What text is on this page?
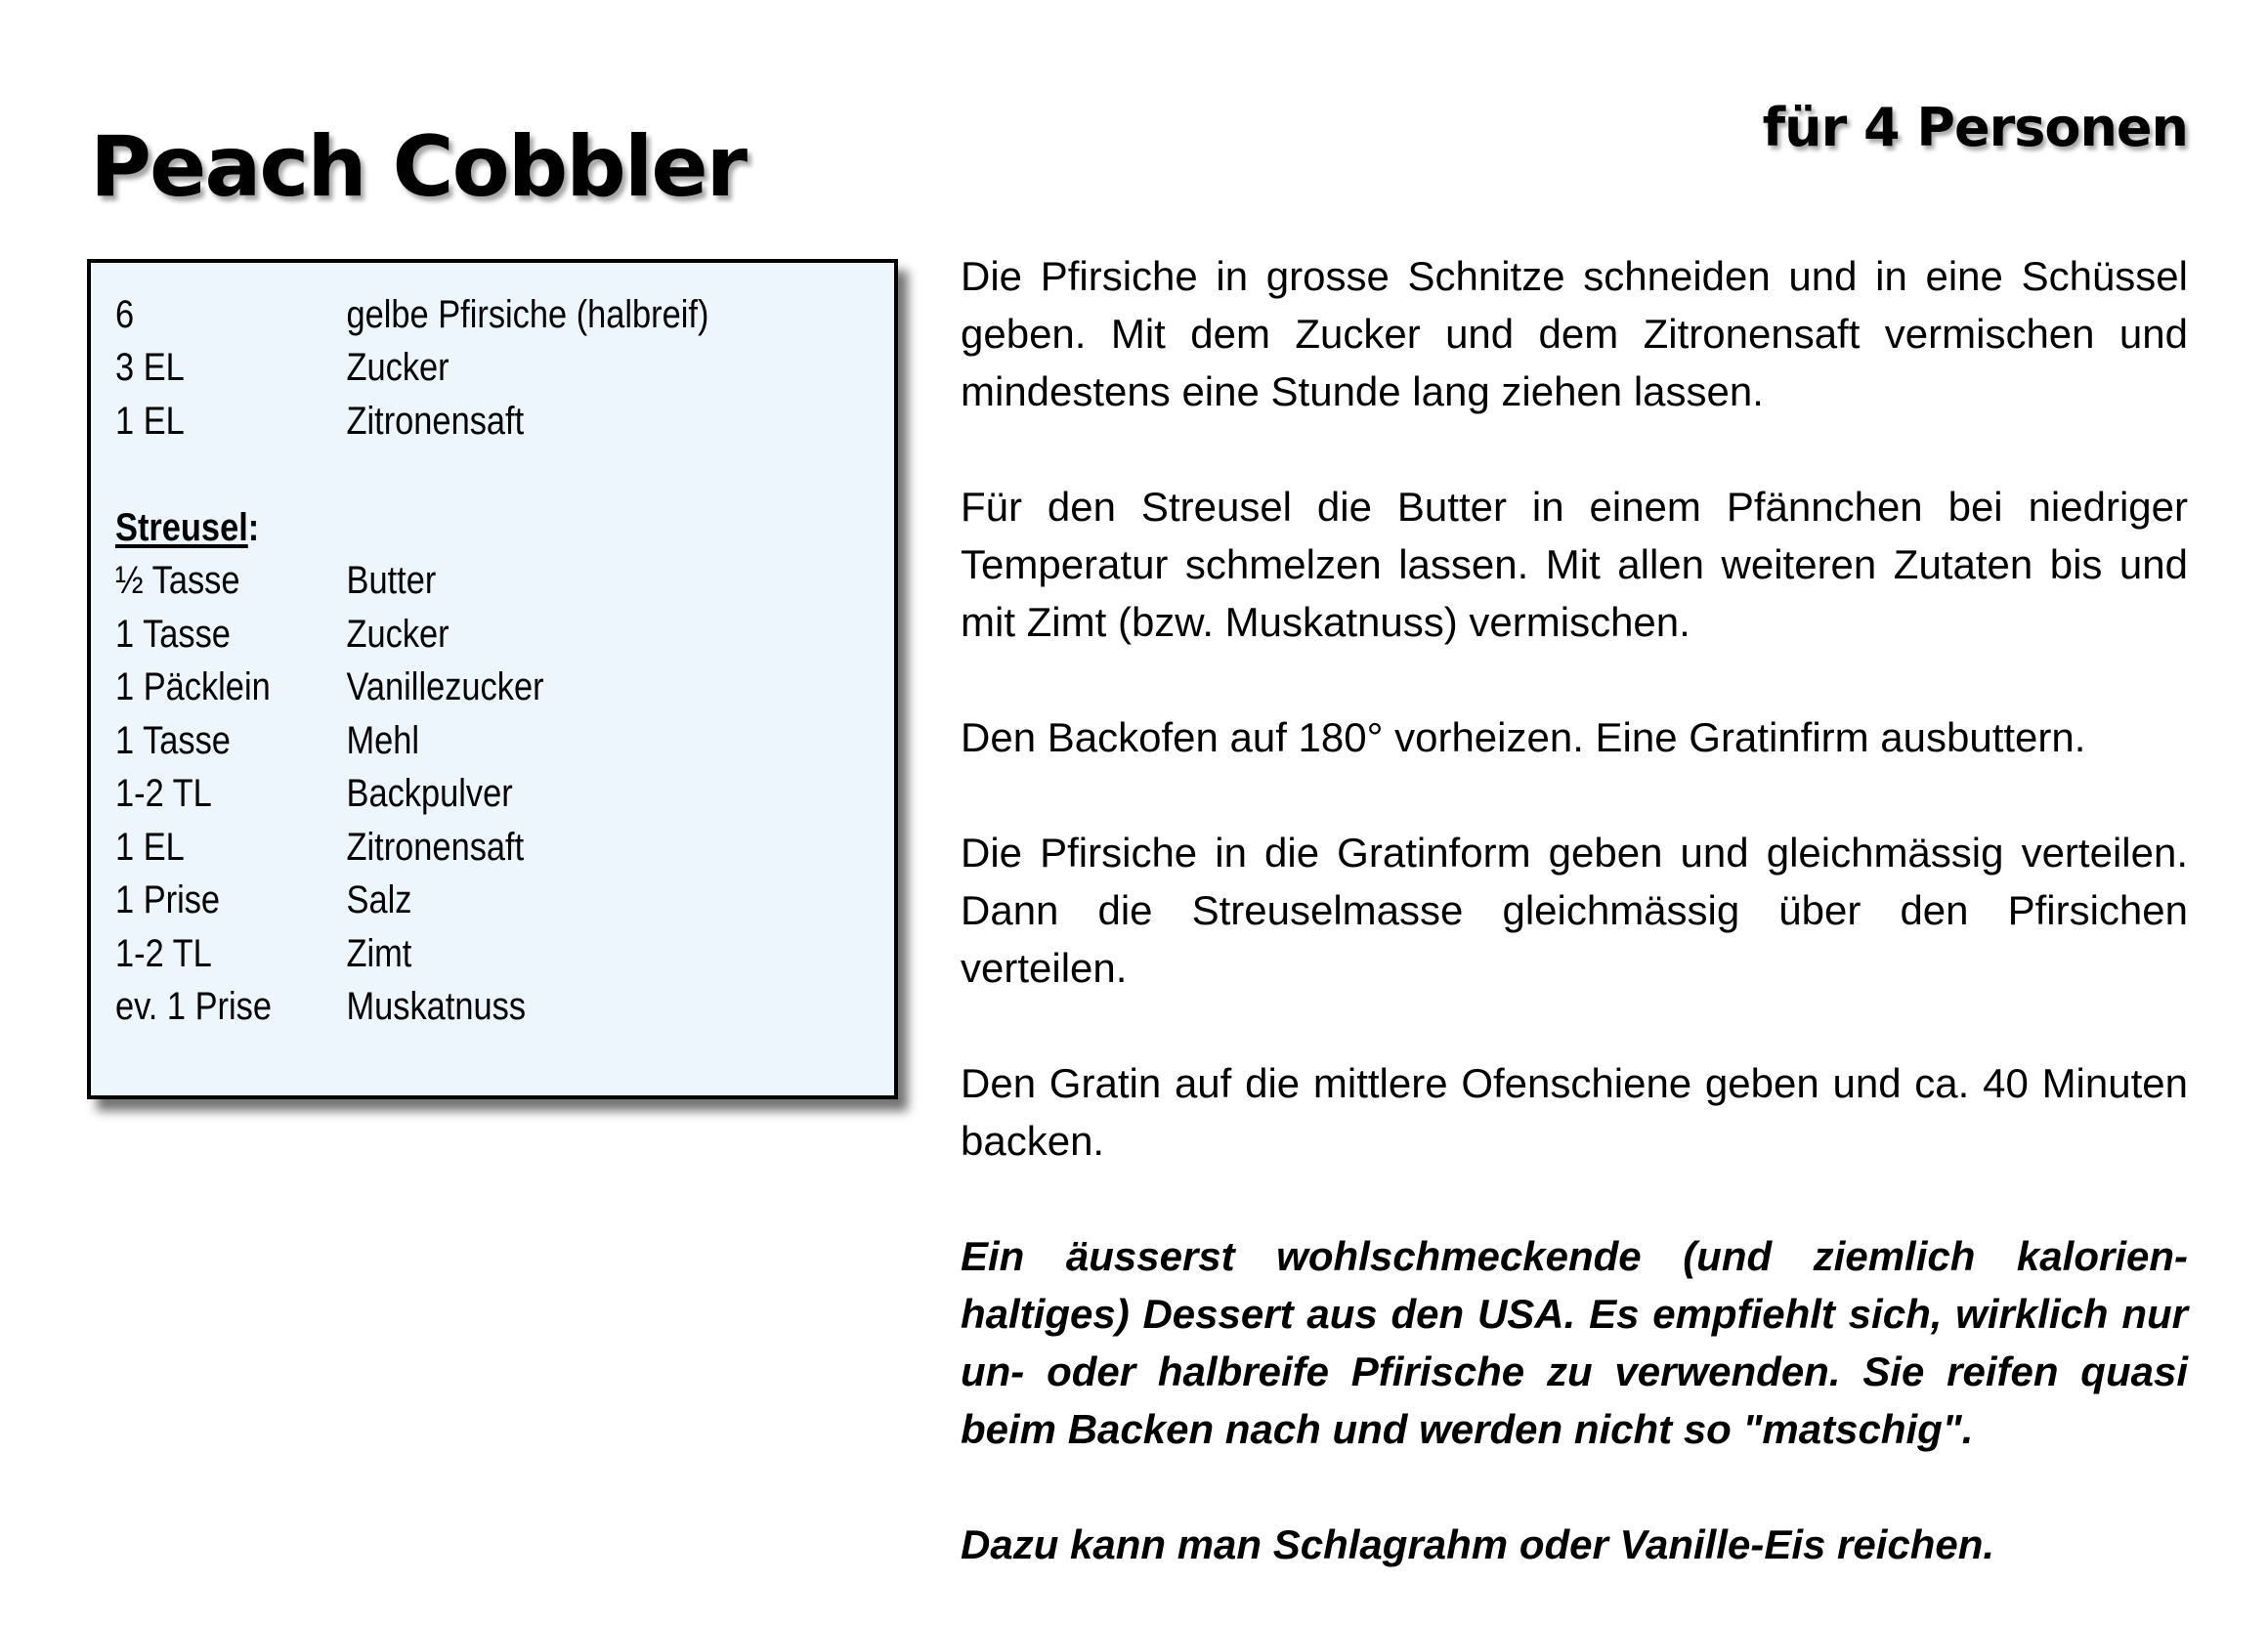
Peach Cobbler	für 4 Personen
6	gelbe Pfirsiche (halbreif)
3 EL	Zucker
1 EL	Zitronensaft
Streusel :
½ Tasse	Butter
1 Tasse	Zucker
1 Päcklein	Vanillezucker
1 Tasse	Mehl
1-2 TL	Backpulver
1 EL	Zitronensaft
1 Prise	Salz
1-2 TL	Zimt
ev. 1 Prise	Muskatnuss

Die Pfirsiche in grosse Schnitze schneiden und in eine Schüssel geben. Mit dem Zucker und dem Zitronensaft vermischen und mindestens eine Stunde lang ziehen lassen.

Für den Streusel die Butter in einem Pfännchen bei niedriger Temperatur schmelzen lassen. Mit allen weiteren Zutaten bis und mit Zimt (bzw. Muskatnuss) vermischen.

Den Backofen auf 180° vorheizen. Eine Gratinfirm ausbuttern.

Die Pfirsiche in die Gratinform geben und gleichmässig verteilen. Dann die Streuselmasse gleichmässig über den Pfirsichen verteilen.

Den Gratin auf die mittlere Ofenschiene geben und ca. 40 Minuten backen.

Ein äusserst wohlschmeckende (und ziemlich kalorien-haltiges) Dessert aus den USA. Es empfiehlt sich, wirklich nur un- oder halbreife Pfirische zu verwenden. Sie reifen quasi beim Backen nach und werden nicht so "matschig".

Dazu kann man Schlagrahm oder Vanille-Eis reichen.
